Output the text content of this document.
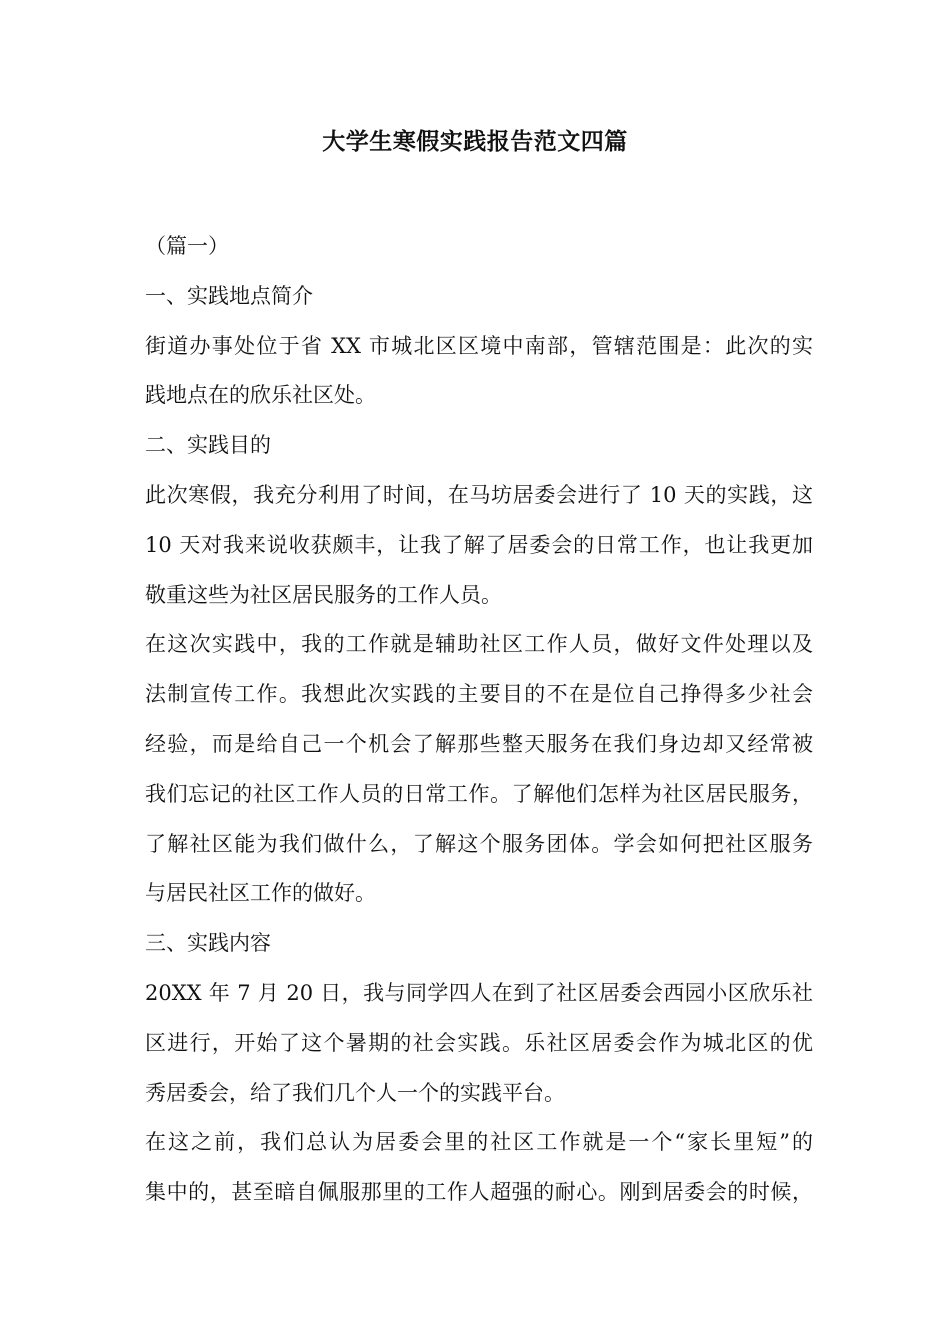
大学生寒假实践报告范文四篇
（篇一）
一、实践地点简介
街道办事处位于省 XX 市城北区区境中南部，管辖范围是：此次的实
践地点在的欣乐社区处。
二、实践目的
此次寒假，我充分利用了时间，在马坊居委会进行了 10 天的实践，这
10 天对我来说收获颇丰，让我了解了居委会的日常工作，也让我更加
敬重这些为社区居民服务的工作人员。
在这次实践中，我的工作就是辅助社区工作人员，做好文件处理以及
法制宣传工作。我想此次实践的主要目的不在是位自己挣得多少社会
经验，而是给自己一个机会了解那些整天服务在我们身边却又经常被
我们忘记的社区工作人员的日常工作。了解他们怎样为社区居民服务，
了解社区能为我们做什么，了解这个服务团体。学会如何把社区服务
与居民社区工作的做好。
三、实践内容
20XX 年 7 月 20 日，我与同学四人在到了社区居委会西园小区欣乐社
区进行，开始了这个暑期的社会实践。乐社区居委会作为城北区的优
秀居委会，给了我们几个人一个的实践平台。
在这之前，我们总认为居委会里的社区工作就是一个“家长里短”的
集中的，甚至暗自佩服那里的工作人超强的耐心。刚到居委会的时候，
